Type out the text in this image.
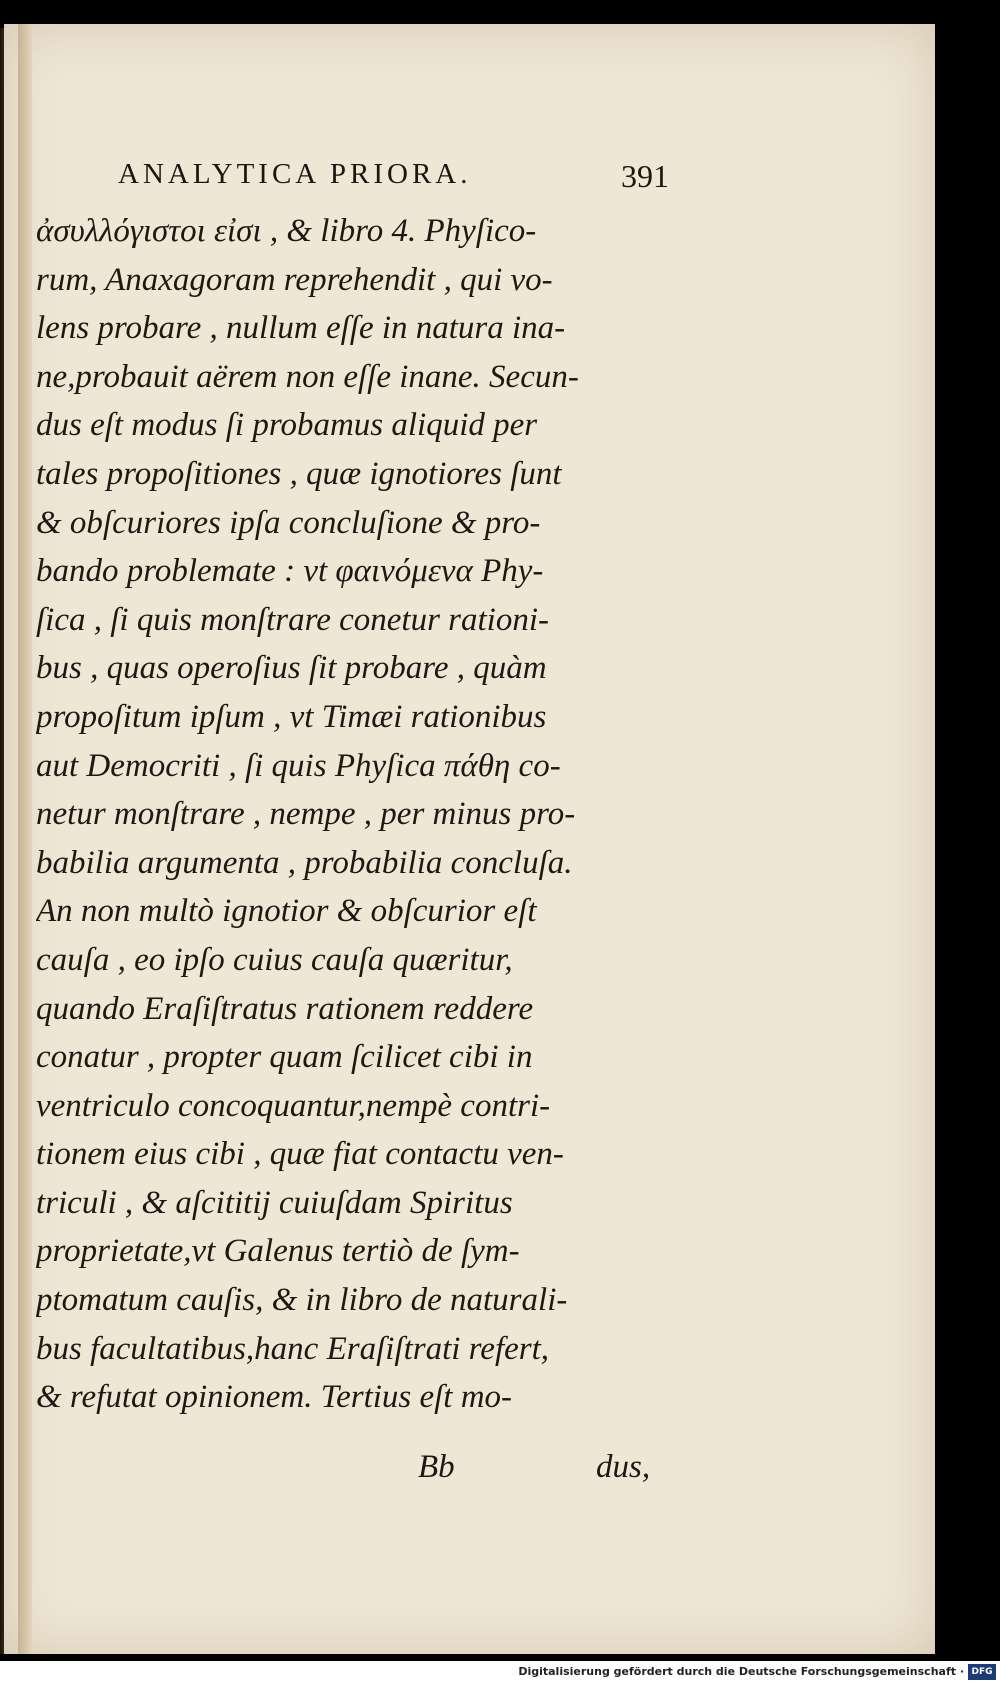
ANALYTICA PRIORA.	391
ἀσυλλόγιστοι εἰσι , & libro 4. Phyſico-
rum, Anaxagoram reprehendit , qui vo-
lens probare , nullum eſſe in natura ina-
ne,probauit aërem non eſſe inane. Secun-
dus eſt modus ſi probamus aliquid per
tales propoſitiones , quæ ignotiores ſunt
& obſcuriores ipſa concluſione & pro-
bando problemate : vt φαινόμενα Phy-
ſica , ſi quis monſtrare conetur rationi-
bus , quas operoſius ſit probare , quàm
propoſitum ipſum , vt Timæi rationibus
aut Democriti , ſi quis Phyſica πάθη co-
netur monſtrare , nempe , per minus pro-
babilia argumenta , probabilia concluſa.
An non multò ignotior & obſcurior eſt
cauſa , eo ipſo cuius cauſa quæritur,
quando Eraſiſtratus rationem reddere
conatur , propter quam ſcilicet cibi in
ventriculo concoquantur,nempè contri-
tionem eius cibi , quæ fiat contactu ven-
triculi , & aſcititij cuiuſdam Spiritus
proprietate,vt Galenus tertiò de ſym-
ptomatum cauſis, & in libro de naturali-
bus facultatibus,hanc Eraſiſtrati refert,
& refutat opinionem. Tertius eſt mo-
Bb	dus,
Digitalisierung gefördert durch die Deutsche Forschungsgemeinschaft · DFG
